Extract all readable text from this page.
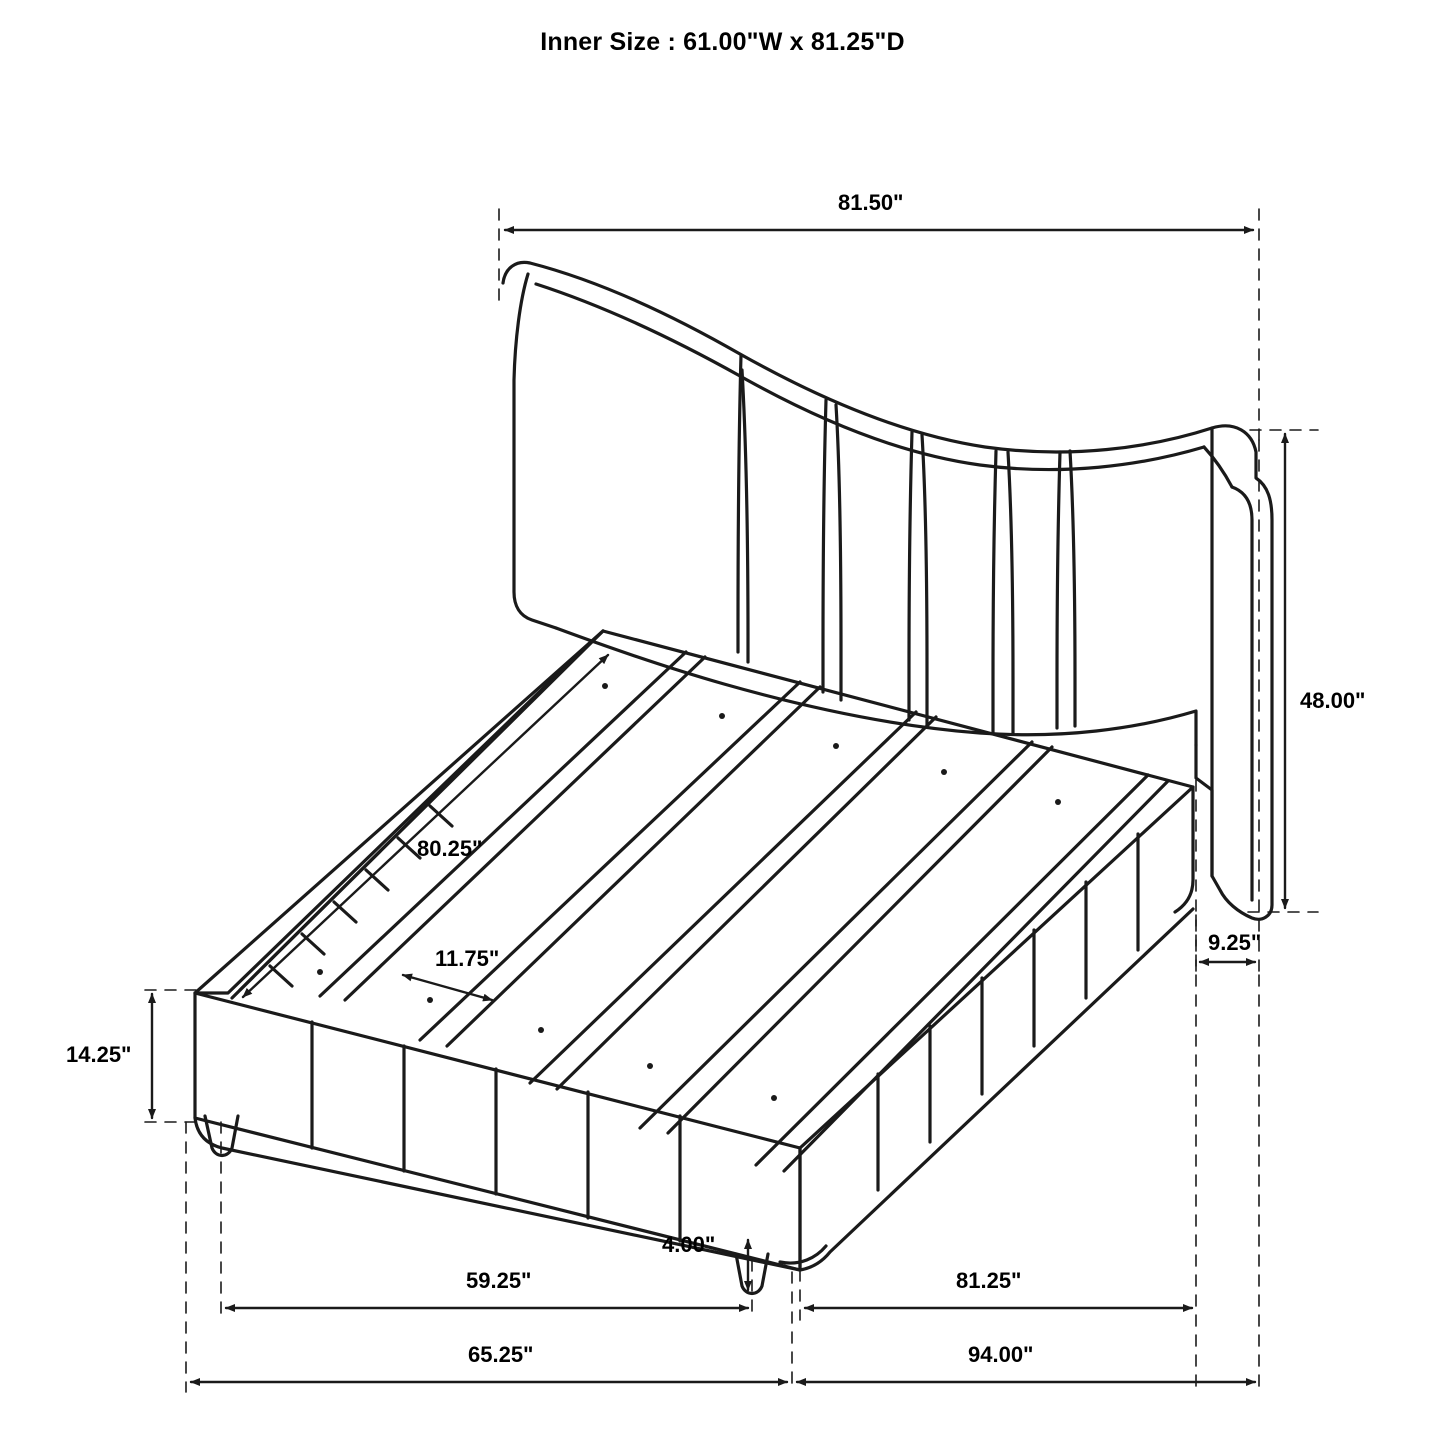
Inner Size : 61.00"W x 81.25"D
81.50"
48.00"
80.25"
11.75"
9.25"
14.25"
4.00"
59.25"	81.25"
65.25"	94.00"
